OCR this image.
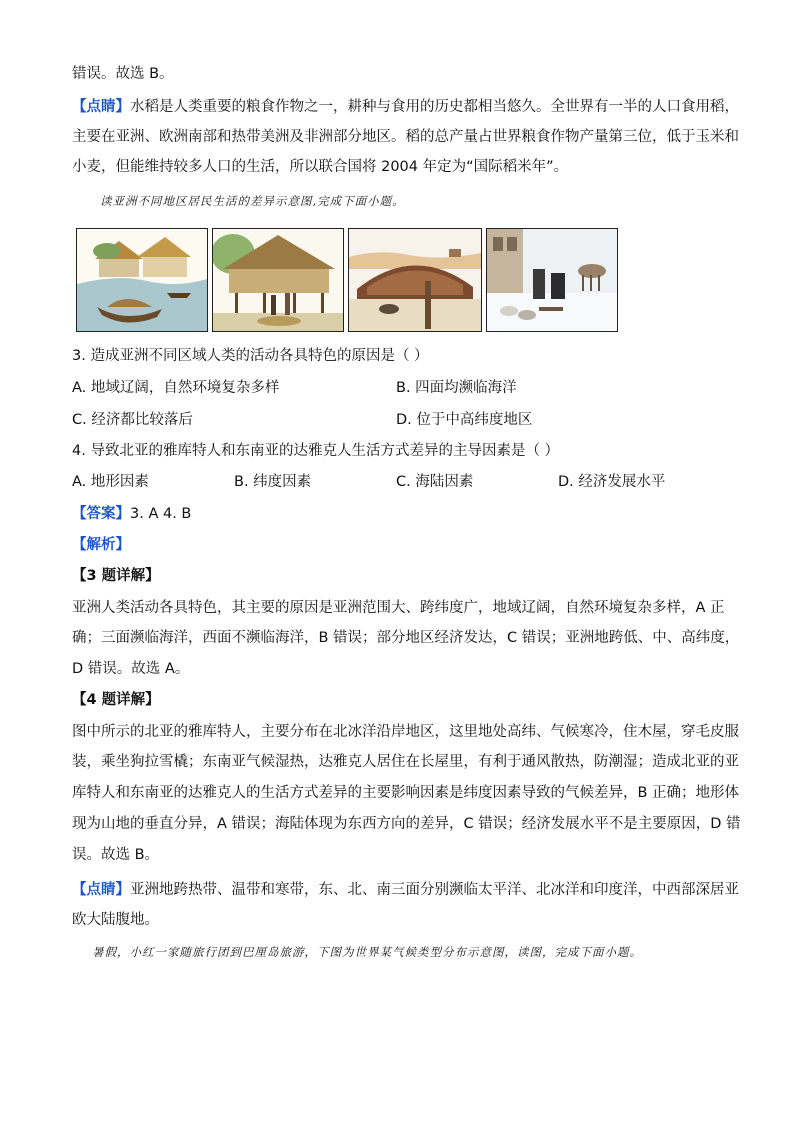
错误。故选 B。
【点睛】水稻是人类重要的粮食作物之一，耕种与食用的历史都相当悠久。全世界有一半的人口食用稻，
主要在亚洲、欧洲南部和热带美洲及非洲部分地区。稻的总产量占世界粮食作物产量第三位，低于玉米和
小麦，但能维持较多人口的生活，所以联合国将 2004 年定为“国际稻米年”。
读亚洲不同地区居民生活的差异示意图,完成下面小题。
3. 造成亚洲不同区域人类的活动各具特色的原因是（ ）
A. 地域辽阔，自然环境复杂多样	B. 四面均濒临海洋
C. 经济都比较落后	D. 位于中高纬度地区
4. 导致北亚的雅库特人和东南亚的达雅克人生活方式差异的主导因素是（ ）
A. 地形因素	B. 纬度因素	C. 海陆因素	D. 经济发展水平
【答案】3. A 4. B
【解析】
【3 题详解】
亚洲人类活动各具特色，其主要的原因是亚洲范围大、跨纬度广，地域辽阔，自然环境复杂多样，A 正
确；三面濒临海洋，西面不濒临海洋，B 错误；部分地区经济发达，C 错误；亚洲地跨低、中、高纬度，
D 错误。故选 A。
【4 题详解】
图中所示的北亚的雅库特人，主要分布在北冰洋沿岸地区，这里地处高纬、气候寒冷，住木屋，穿毛皮服
装，乘坐狗拉雪橇；东南亚气候湿热，达雅克人居住在长屋里，有利于通风散热，防潮湿；造成北亚的亚
库特人和东南亚的达雅克人的生活方式差异的主要影响因素是纬度因素导致的气候差异，B 正确；地形体
现为山地的垂直分异，A 错误；海陆体现为东西方向的差异，C 错误；经济发展水平不是主要原因，D 错
误。故选 B。
【点睛】亚洲地跨热带、温带和寒带，东、北、南三面分别濒临太平洋、北冰洋和印度洋，中西部深居亚
欧大陆腹地。
暑假，小红一家随旅行团到巴厘岛旅游，下图为世界某气候类型分布示意图，读图，完成下面小题。
